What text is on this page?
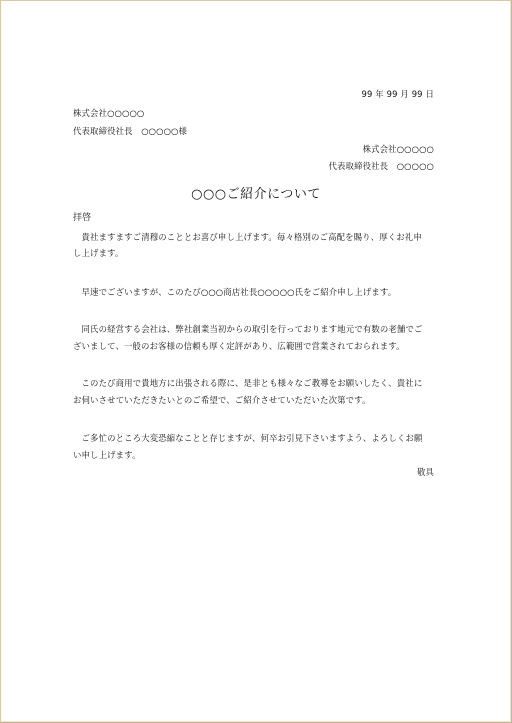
99 年 99 月 99 日
株式会社○○○○○
代表取締役社長　○○○○○様
株式会社○○○○○
代表取締役社長　○○○○○
○○○ご紹介について
拝啓
　貴社ますますご清穆のこととお喜び申し上げます。毎々格別のご高配を賜り、厚くお礼申
し上げます。
　早速でございますが、このたび○○○商店社長○○○○○氏をご紹介申し上げます。
　同氏の経営する会社は、弊社創業当初からの取引を行っております地元で有数の老舗でご
ざいまして、一般のお客様の信頼も厚く定評があり、広範囲で営業されておられます。
　このたび商用で貴地方に出張される際に、是非とも様々なご教導をお願いしたく、貴社に
お伺いさせていただきたいとのご希望で、ご紹介させていただいた次第です。
　ご多忙のところ大変恐縮なことと存じますが、何卒お引見下さいますよう、よろしくお願
い申し上げます。
敬具
